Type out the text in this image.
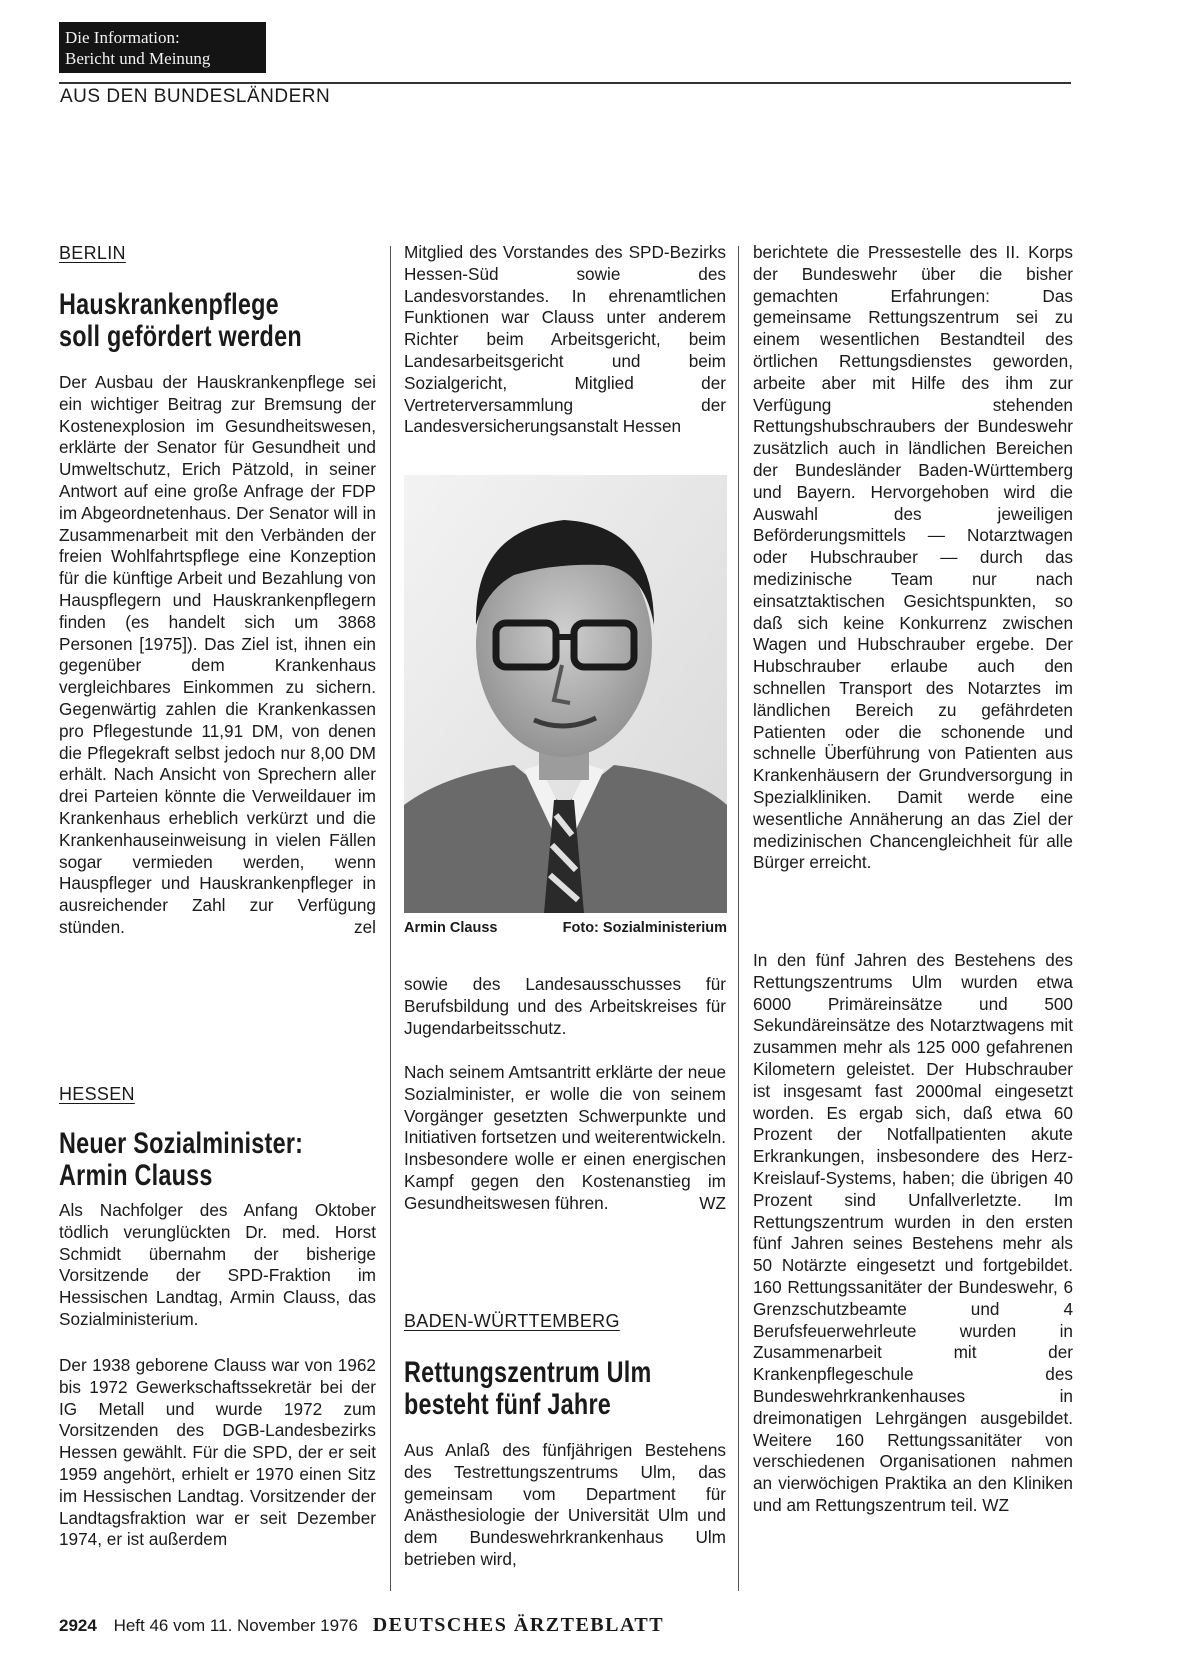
Die Information:
Bericht und Meinung
AUS DEN BUNDESLÄNDERN
BERLIN
Hauskrankenpflege
soll gefördert werden
Der Ausbau der Hauskrankenpflege sei ein wichtiger Beitrag zur Bremsung der Kostenexplosion im Gesundheitswesen, erklärte der Senator für Gesundheit und Umweltschutz, Erich Pätzold, in seiner Antwort auf eine große Anfrage der FDP im Abgeordnetenhaus. Der Senator will in Zusammenarbeit mit den Verbänden der freien Wohlfahrtspflege eine Konzeption für die künftige Arbeit und Bezahlung von Hauspflegern und Hauskrankenpflegern finden (es handelt sich um 3868 Personen [1975]). Das Ziel ist, ihnen ein gegenüber dem Krankenhaus vergleichbares Einkommen zu sichern. Gegenwärtig zahlen die Krankenkassen pro Pflegestunde 11,91 DM, von denen die Pflegekraft selbst jedoch nur 8,00 DM erhält. Nach Ansicht von Sprechern aller drei Parteien könnte die Verweildauer im Krankenhaus erheblich verkürzt und die Krankenhauseinweisung in vielen Fällen sogar vermieden werden, wenn Hauspfleger und Hauskrankenpfleger in ausreichender Zahl zur Verfügung stünden.	zel
HESSEN
Neuer Sozialminister:
Armin Clauss
Als Nachfolger des Anfang Oktober tödlich verunglückten Dr. med. Horst Schmidt übernahm der bisherige Vorsitzende der SPD-Fraktion im Hessischen Landtag, Armin Clauss, das Sozialministerium.
Der 1938 geborene Clauss war von 1962 bis 1972 Gewerkschaftssekretär bei der IG Metall und wurde 1972 zum Vorsitzenden des DGB-Landesbezirks Hessen gewählt. Für die SPD, der er seit 1959 angehört, erhielt er 1970 einen Sitz im Hessischen Landtag. Vorsitzender der Landtagsfraktion war er seit Dezember 1974, er ist außerdem
Mitglied des Vorstandes des SPD-Bezirks Hessen-Süd sowie des Landesvorstandes. In ehrenamtlichen Funktionen war Clauss unter anderem Richter beim Arbeitsgericht, beim Landesarbeitsgericht und beim Sozialgericht, Mitglied der Vertreterversammlung der Landesversicherungsanstalt Hessen
Armin Clauss	Foto: Sozialministerium
sowie des Landesausschusses für Berufsbildung und des Arbeitskreises für Jugendarbeitsschutz.
Nach seinem Amtsantritt erklärte der neue Sozialminister, er wolle die von seinem Vorgänger gesetzten Schwerpunkte und Initiativen fortsetzen und weiterentwickeln. Insbesondere wolle er einen energischen Kampf gegen den Kostenanstieg im Gesundheitswesen führen.	WZ
BADEN-WÜRTTEMBERG
Rettungszentrum Ulm
besteht fünf Jahre
Aus Anlaß des fünfjährigen Bestehens des Testrettungszentrums Ulm, das gemeinsam vom Department für Anästhesiologie der Universität Ulm und dem Bundeswehrkrankenhaus Ulm betrieben wird,
berichtete die Pressestelle des II. Korps der Bundeswehr über die bisher gemachten Erfahrungen: Das gemeinsame Rettungszentrum sei zu einem wesentlichen Bestandteil des örtlichen Rettungsdienstes geworden, arbeite aber mit Hilfe des ihm zur Verfügung stehenden Rettungshubschraubers der Bundeswehr zusätzlich auch in ländlichen Bereichen der Bundesländer Baden-Württemberg und Bayern. Hervorgehoben wird die Auswahl des jeweiligen Beförderungsmittels — Notarztwagen oder Hubschrauber — durch das medizinische Team nur nach einsatztaktischen Gesichtspunkten, so daß sich keine Konkurrenz zwischen Wagen und Hubschrauber ergebe. Der Hubschrauber erlaube auch den schnellen Transport des Notarztes im ländlichen Bereich zu gefährdeten Patienten oder die schonende und schnelle Überführung von Patienten aus Krankenhäusern der Grundversorgung in Spezialkliniken. Damit werde eine wesentliche Annäherung an das Ziel der medizinischen Chancengleichheit für alle Bürger erreicht.
In den fünf Jahren des Bestehens des Rettungszentrums Ulm wurden etwa 6000 Primäreinsätze und 500 Sekundäreinsätze des Notarztwagens mit zusammen mehr als 125 000 gefahrenen Kilometern geleistet. Der Hubschrauber ist insgesamt fast 2000mal eingesetzt worden. Es ergab sich, daß etwa 60 Prozent der Notfallpatienten akute Erkrankungen, insbesondere des Herz-Kreislauf-Systems, haben; die übrigen 40 Prozent sind Unfallverletzte. Im Rettungszentrum wurden in den ersten fünf Jahren seines Bestehens mehr als 50 Notärzte eingesetzt und fortgebildet. 160 Rettungssanitäter der Bundeswehr, 6 Grenzschutzbeamte und 4 Berufsfeuerwehrleute wurden in Zusammenarbeit mit der Krankenpflegeschule des Bundeswehrkrankenhauses in dreimonatigen Lehrgängen ausgebildet. Weitere 160 Rettungssanitäter von verschiedenen Organisationen nahmen an vierwöchigen Praktika an den Kliniken und am Rettungszentrum teil. WZ
2924 Heft 46 vom 11. November 1976 DEUTSCHES ÄRZTEBLATT
